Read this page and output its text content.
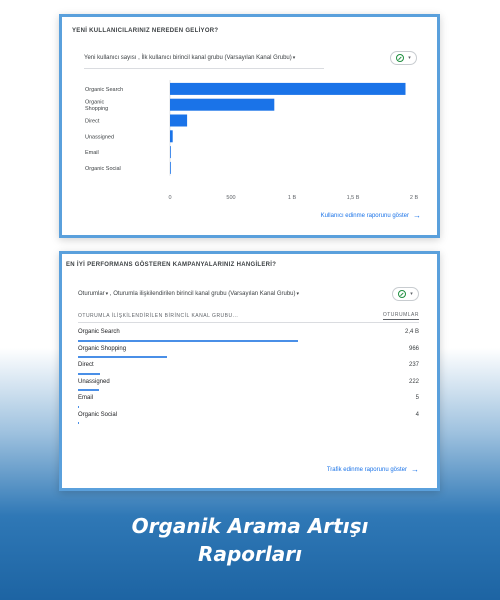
YENİ KULLANICILARINIZ NEREDEN GELİYOR?
Yeni kullanıcı sayısı , İlk kullanıcı birincil kanal grubu (Varsayılan Kanal Grubu)▾	▾
Organic Search
Organic
Shopping
Direct
Unassigned
Email
Organic Social
0	500	1 B	1,5 B	2 B
Kullanıcı edinme raporunu göster →
EN İYİ PERFORMANS GÖSTEREN KAMPANYALARINIZ HANGİLERİ?
Oturumlar▾ , Oturumla ilişkilendirilen birincil kanal grubu (Varsayılan Kanal Grubu)▾	▾
OTURUMLA İLİŞKİLENDİRİLEN BİRİNCİL KANAL GRUBU...	OTURUMLAR
Organic Search	2,4 B
Organic Shopping	966
Direct	237
Unassigned	222
Email	5
Organic Social	4
Trafik edinme raporunu göster →
Organik Arama Artışı
Raporları
